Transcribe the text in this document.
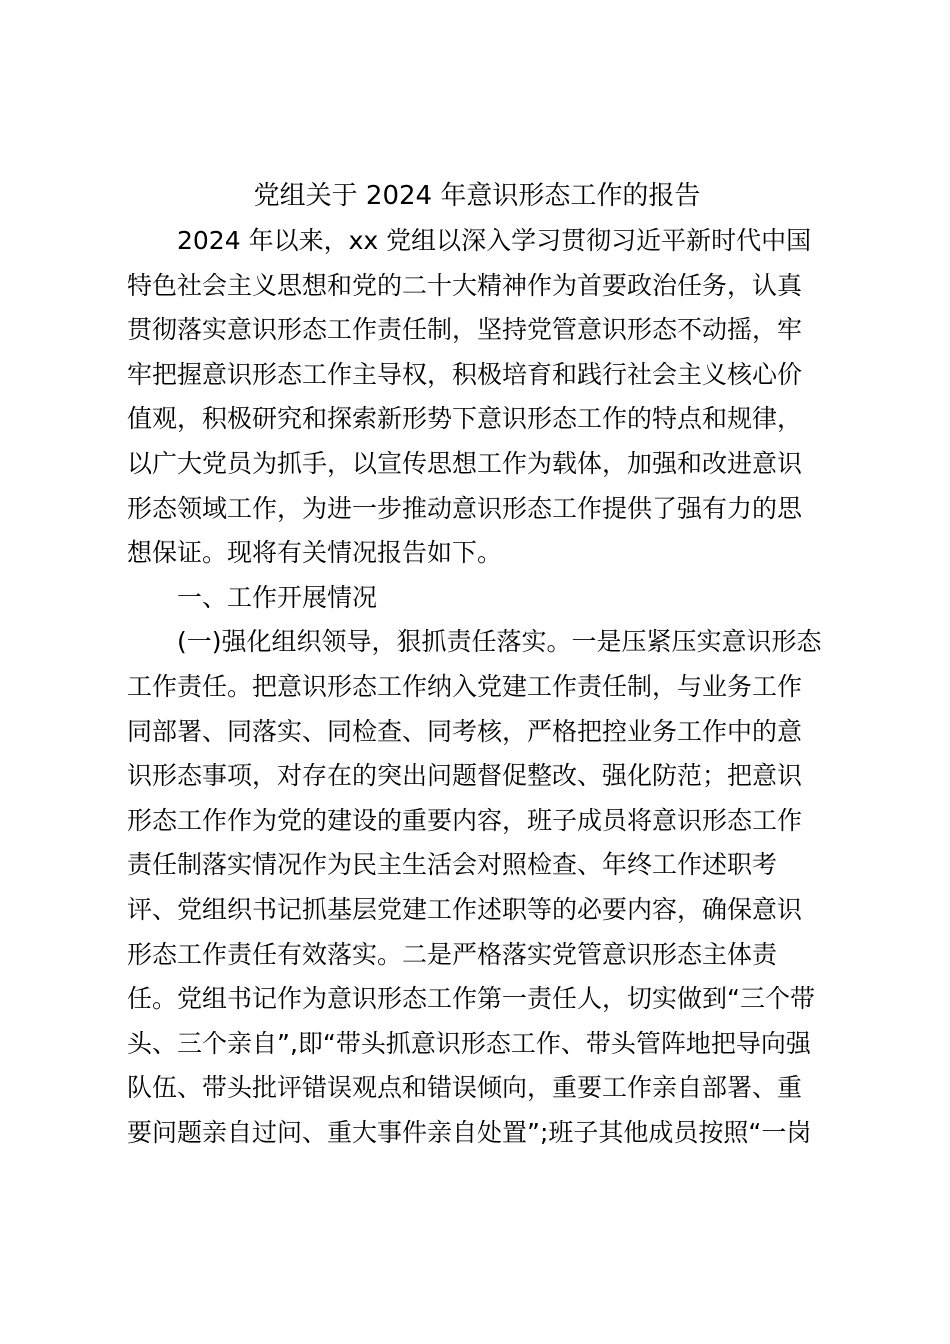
党组关于 2024 年意识形态工作的报告
2024 年以来，xx 党组以深入学习贯彻习近平新时代中国
特色社会主义思想和党的二十大精神作为首要政治任务，认真
贯彻落实意识形态工作责任制，坚持党管意识形态不动摇，牢
牢把握意识形态工作主导权，积极培育和践行社会主义核心价
值观，积极研究和探索新形势下意识形态工作的特点和规律，
以广大党员为抓手，以宣传思想工作为载体，加强和改进意识
形态领域工作，为进一步推动意识形态工作提供了强有力的思
想保证。现将有关情况报告如下。
一、工作开展情况
(一)强化组织领导，狠抓责任落实。一是压紧压实意识形态
工作责任。把意识形态工作纳入党建工作责任制，与业务工作
同部署、同落实、同检查、同考核，严格把控业务工作中的意
识形态事项，对存在的突出问题督促整改、强化防范；把意识
形态工作作为党的建设的重要内容，班子成员将意识形态工作
责任制落实情况作为民主生活会对照检查、年终工作述职考
评、党组织书记抓基层党建工作述职等的必要内容，确保意识
形态工作责任有效落实。二是严格落实党管意识形态主体责
任。党组书记作为意识形态工作第一责任人，切实做到“三个带
头、三个亲自”,即“带头抓意识形态工作、带头管阵地把导向强
队伍、带头批评错误观点和错误倾向，重要工作亲自部署、重
要问题亲自过问、重大事件亲自处置”;班子其他成员按照“一岗
